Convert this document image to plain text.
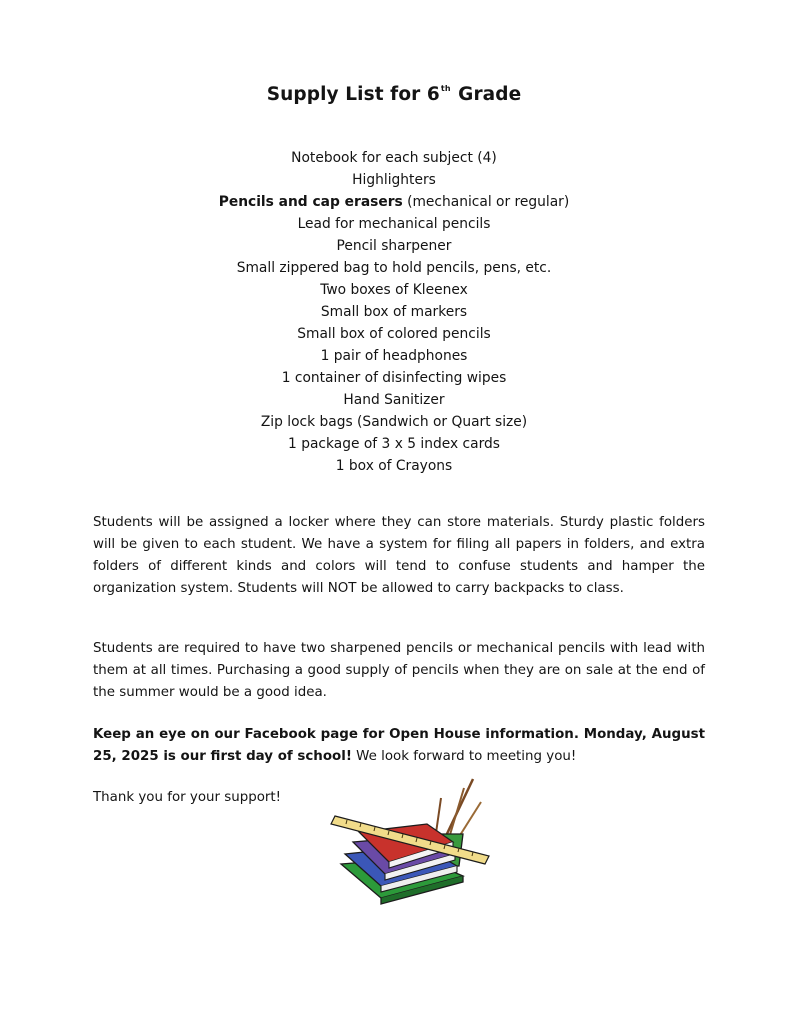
Supply List for 6th Grade
Notebook for each subject (4)
Highlighters
Pencils and cap erasers (mechanical or regular)
Lead for mechanical pencils
Pencil sharpener
Small zippered bag to hold pencils, pens, etc.
Two boxes of Kleenex
Small box of markers
Small box of colored pencils
1 pair of headphones
1 container of disinfecting wipes
Hand Sanitizer
Zip lock bags (Sandwich or Quart size)
1 package of 3 x 5 index cards
1 box of Crayons

Students will be assigned a locker where they can store materials. Sturdy plastic folders will be given to each student. We have a system for filing all papers in folders, and extra folders of different kinds and colors will tend to confuse students and hamper the organization system. Students will NOT be allowed to carry backpacks to class.

Students are required to have two sharpened pencils or mechanical pencils with lead with them at all times. Purchasing a good supply of pencils when they are on sale at the end of the summer would be a good idea.

Keep an eye on our Facebook page for Open House information. Monday, August 25, 2025 is our first day of school! We look forward to meeting you!

Thank you for your support!
